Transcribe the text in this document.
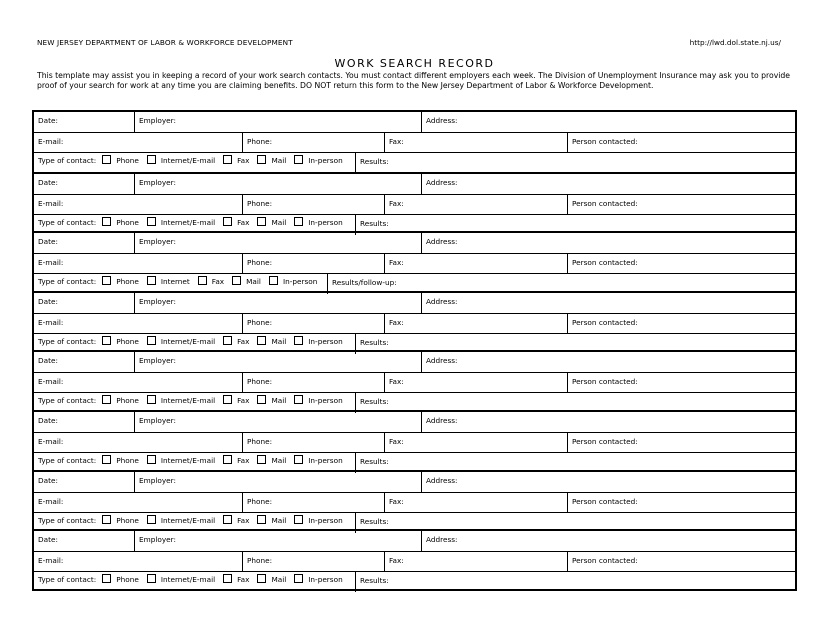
NEW JERSEY DEPARTMENT OF LABOR & WORKFORCE DEVELOPMENT	http://lwd.dol.state.nj.us/
WORK SEARCH RECORD
This template may assist you in keeping a record of your work search contacts. You must contact different employers each week. The Division of Unemployment Insurance may ask you to provide proof of your search for work at any time you are claiming benefits. DO NOT return this form to the New Jersey Department of Labor & Workforce Development.
Date:	Employer:	Address:
E-mail:	Phone:	Fax:	Person contacted:
Type of contact:	Phone	Internet/E-mail	Fax	Mail	In-person Results:
Date:	Employer:	Address:
E-mail:	Phone:	Fax:	Person contacted:
Type of contact:	Phone	Internet/E-mail	Fax	Mail	In-person Results:
Date:	Employer:	Address:
E-mail:	Phone:	Fax:	Person contacted:
Type of contact:	Phone	Internet	Fax	Mail	In-person Results/follow-up:
Date:	Employer:	Address:
E-mail:	Phone:	Fax:	Person contacted:
Type of contact:	Phone	Internet/E-mail	Fax	Mail	In-person Results:
Date:	Employer:	Address:
E-mail:	Phone:	Fax:	Person contacted:
Type of contact:	Phone	Internet/E-mail	Fax	Mail	In-person Results:
Date:	Employer:	Address:
E-mail:	Phone:	Fax:	Person contacted:
Type of contact:	Phone	Internet/E-mail	Fax	Mail	In-person Results:
Date:	Employer:	Address:
E-mail:	Phone:	Fax:	Person contacted:
Type of contact:	Phone	Internet/E-mail	Fax	Mail	In-person Results:
Date:	Employer:	Address:
E-mail:	Phone:	Fax:	Person contacted:
Type of contact:	Phone	Internet/E-mail	Fax	Mail	In-person Results:
